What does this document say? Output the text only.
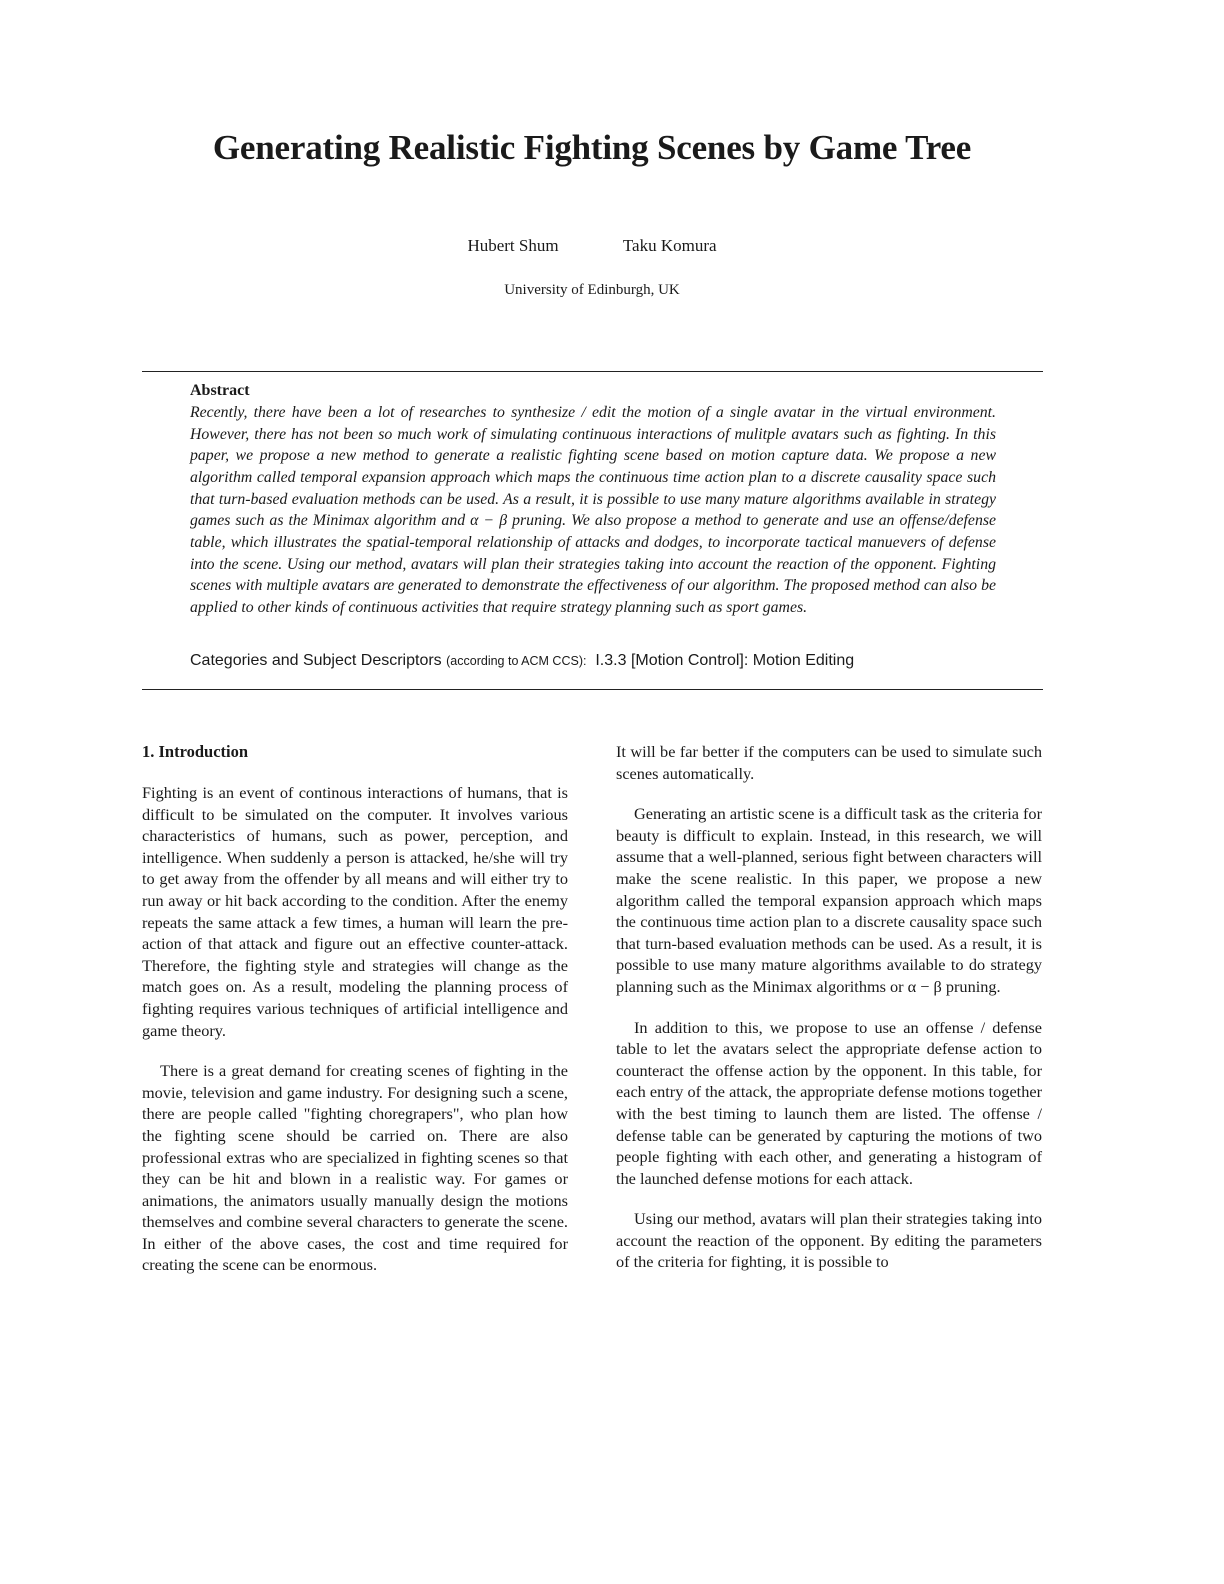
Generating Realistic Fighting Scenes by Game Tree
Hubert Shum	Taku Komura
University of Edinburgh, UK
Abstract

Recently, there have been a lot of researches to synthesize / edit the motion of a single avatar in the virtual environment. However, there has not been so much work of simulating continuous interactions of mulitple avatars such as fighting. In this paper, we propose a new method to generate a realistic fighting scene based on motion capture data. We propose a new algorithm called temporal expansion approach which maps the continuous time action plan to a discrete causality space such that turn-based evaluation methods can be used. As a result, it is possible to use many mature algorithms available in strategy games such as the Minimax algorithm and α − β pruning. We also propose a method to generate and use an offense/defense table, which illustrates the spatial-temporal relationship of attacks and dodges, to incorporate tactical manuevers of defense into the scene. Using our method, avatars will plan their strategies taking into account the reaction of the opponent. Fighting scenes with multiple avatars are generated to demonstrate the effectiveness of our algorithm. The proposed method can also be applied to other kinds of continuous activities that require strategy planning such as sport games.

Categories and Subject Descriptors (according to ACM CCS): I.3.3 [Motion Control]: Motion Editing
1. Introduction

Fighting is an event of continous interactions of humans, that is difficult to be simulated on the computer. It involves various characteristics of humans, such as power, perception, and intelligence. When suddenly a person is attacked, he/she will try to get away from the offender by all means and will either try to run away or hit back according to the condition. After the enemy repeats the same attack a few times, a human will learn the pre-action of that attack and figure out an effective counter-attack. Therefore, the fighting style and strategies will change as the match goes on. As a result, modeling the planning process of fighting requires various techniques of artificial intelligence and game theory.

There is a great demand for creating scenes of fighting in the movie, television and game industry. For designing such a scene, there are people called "fighting choregrapers", who plan how the fighting scene should be carried on. There are also professional extras who are specialized in fighting scenes so that they can be hit and blown in a realistic way. For games or animations, the animators usually manually design the motions themselves and combine several characters to generate the scene. In either of the above cases, the cost and time required for creating the scene can be enormous.

It will be far better if the computers can be used to simulate such scenes automatically.

Generating an artistic scene is a difficult task as the criteria for beauty is difficult to explain. Instead, in this research, we will assume that a well-planned, serious fight between characters will make the scene realistic. In this paper, we propose a new algorithm called the temporal expansion approach which maps the continuous time action plan to a discrete causality space such that turn-based evaluation methods can be used. As a result, it is possible to use many mature algorithms available to do strategy planning such as the Minimax algorithms or α − β pruning.

In addition to this, we propose to use an offense / defense table to let the avatars select the appropriate defense action to counteract the offense action by the opponent. In this table, for each entry of the attack, the appropriate defense motions together with the best timing to launch them are listed. The offense / defense table can be generated by capturing the motions of two people fighting with each other, and generating a histogram of the launched defense motions for each attack.

Using our method, avatars will plan their strategies taking into account the reaction of the opponent. By editing the parameters of the criteria for fighting, it is possible to
